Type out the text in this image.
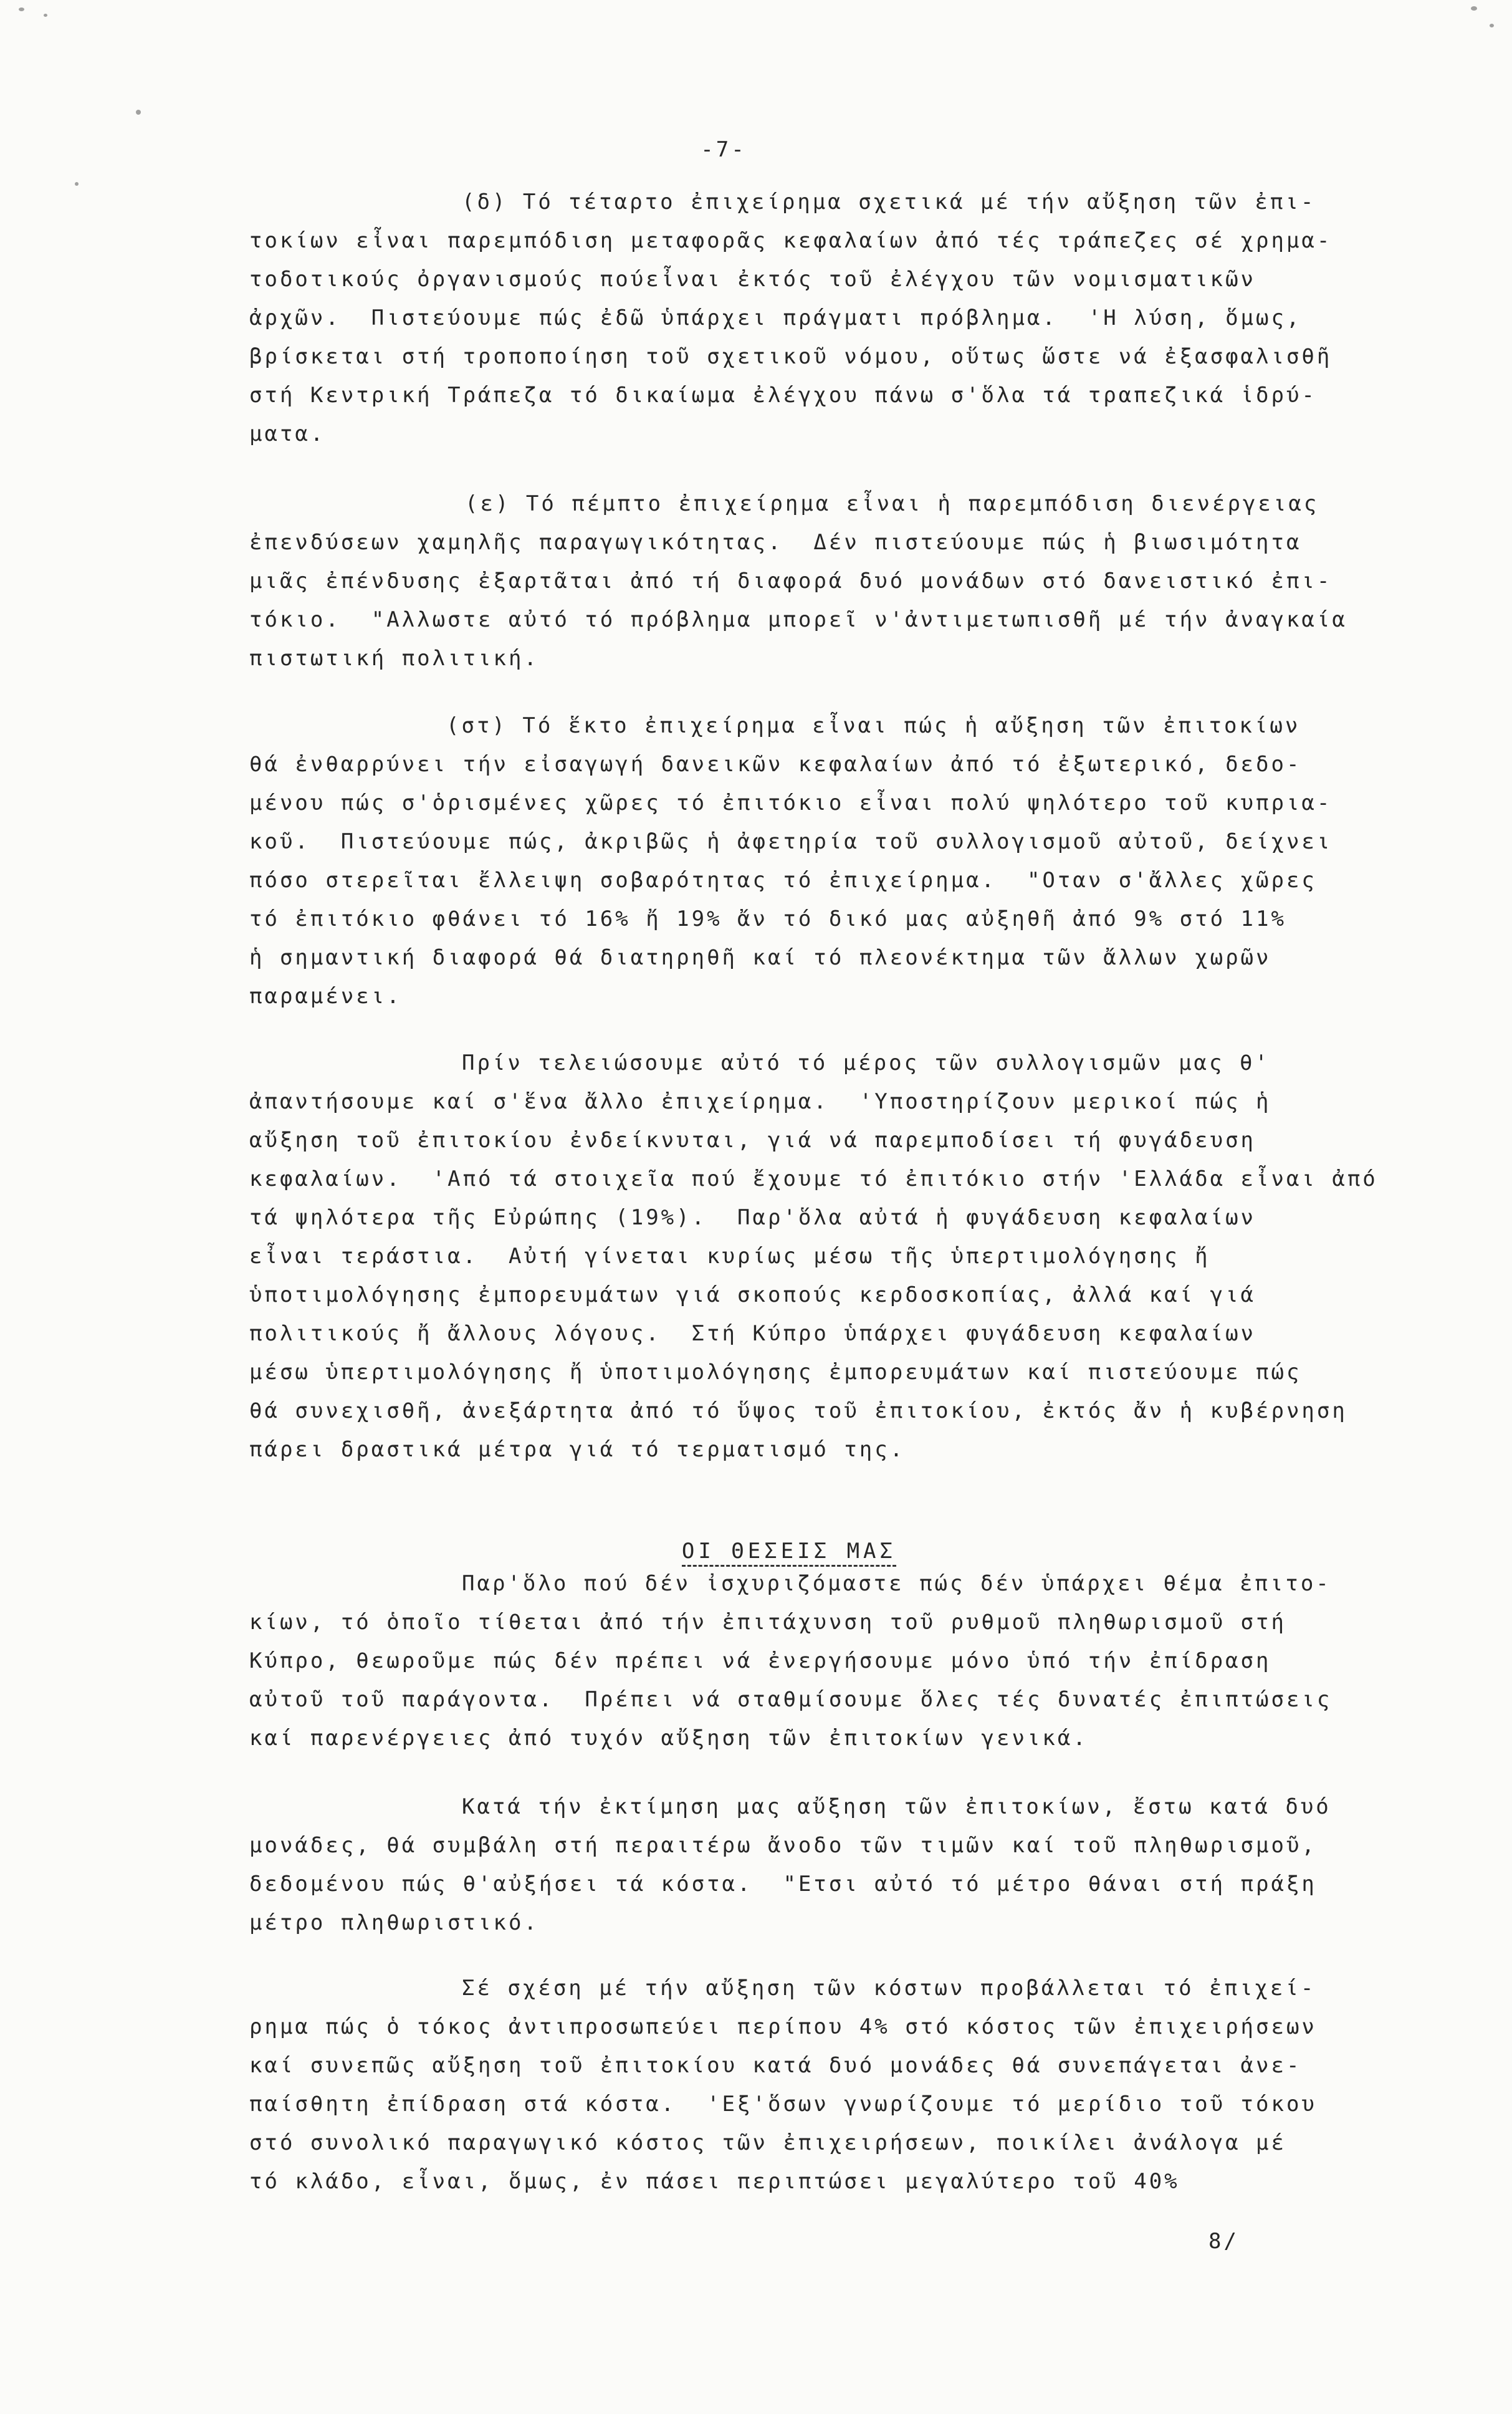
-7-
(δ) Τό τέταρτο ἐπιχείρημα σχετικά μέ τήν αὔξηση τῶν ἐπι-
τοκίων εἶναι παρεμπόδιση μεταφορᾶς κεφαλαίων ἀπό τές τράπεζες σέ χρημα-
τοδοτικούς ὀργανισμούς πούεἶναι ἐκτός τοῦ ἐλέγχου τῶν νομισματικῶν
ἀρχῶν.  Πιστεύουμε πώς ἐδῶ ὑπάρχει πράγματι πρόβλημα.  'Η λύση, ὅμως,
βρίσκεται στή τροποποίηση τοῦ σχετικοῦ νόμου, οὕτως ὥστε νά ἐξασφαλισθῆ
στή Κεντρική Τράπεζα τό δικαίωμα ἐλέγχου πάνω σ'ὅλα τά τραπεζικά ἱδρύ-
ματα.
(ε) Τό πέμπτο ἐπιχείρημα εἶναι ἡ παρεμπόδιση διενέργειας
ἐπενδύσεων χαμηλῆς παραγωγικότητας.  Δέν πιστεύουμε πώς ἡ βιωσιμότητα
μιᾶς ἐπένδυσης ἐξαρτᾶται ἀπό τή διαφορά δυό μονάδων στό δανειστικό ἐπι-
τόκιο.  "Αλλωστε αὐτό τό πρόβλημα μπορεῖ ν'ἀντιμετωπισθῆ μέ τήν ἀναγκαία
πιστωτική πολιτική.
(στ) Τό ἕκτο ἐπιχείρημα εἶναι πώς ἡ αὔξηση τῶν ἐπιτοκίων
θά ἐνθαρρύνει τήν εἰσαγωγή δανεικῶν κεφαλαίων ἀπό τό ἐξωτερικό, δεδο-
μένου πώς σ'ὁρισμένες χῶρες τό ἐπιτόκιο εἶναι πολύ ψηλότερο τοῦ κυπρια-
κοῦ.  Πιστεύουμε πώς, ἀκριβῶς ἡ ἀφετηρία τοῦ συλλογισμοῦ αὐτοῦ, δείχνει
πόσο στερεῖται ἔλλειψη σοβαρότητας τό ἐπιχείρημα.  "Οταν σ'ἄλλες χῶρες
τό ἐπιτόκιο φθάνει τό 16% ἤ 19% ἄν τό δικό μας αὐξηθῆ ἀπό 9% στό 11%
ἡ σημαντική διαφορά θά διατηρηθῆ καί τό πλεονέκτημα τῶν ἄλλων χωρῶν
παραμένει.
Πρίν τελειώσουμε αὐτό τό μέρος τῶν συλλογισμῶν μας θ'
ἀπαντήσουμε καί σ'ἕνα ἄλλο ἐπιχείρημα.  'Υποστηρίζουν μερικοί πώς ἡ
αὔξηση τοῦ ἐπιτοκίου ἐνδείκνυται, γιά νά παρεμποδίσει τή φυγάδευση
κεφαλαίων.  'Από τά στοιχεῖα πού ἔχουμε τό ἐπιτόκιο στήν 'Ελλάδα εἶναι ἀπό
τά ψηλότερα τῆς Εὐρώπης (19%).  Παρ'ὅλα αὐτά ἡ φυγάδευση κεφαλαίων
εἶναι τεράστια.  Αὐτή γίνεται κυρίως μέσω τῆς ὑπερτιμολόγησης ἤ
ὑποτιμολόγησης ἐμπορευμάτων γιά σκοπούς κερδοσκοπίας, ἀλλά καί γιά
πολιτικούς ἤ ἄλλους λόγους.  Στή Κύπρο ὑπάρχει φυγάδευση κεφαλαίων
μέσω ὑπερτιμολόγησης ἤ ὑποτιμολόγησης ἐμπορευμάτων καί πιστεύουμε πώς
θά συνεχισθῆ, ἀνεξάρτητα ἀπό τό ὕψος τοῦ ἐπιτοκίου, ἐκτός ἄν ἡ κυβέρνηση
πάρει δραστικά μέτρα γιά τό τερματισμό της.

ΟΙ ΘΕΣΕΙΣ ΜΑΣ

Παρ'ὅλο πού δέν ἰσχυριζόμαστε πώς δέν ὑπάρχει θέμα ἐπιτο-
κίων, τό ὁποῖο τίθεται ἀπό τήν ἐπιτάχυνση τοῦ ρυθμοῦ πληθωρισμοῦ στή
Κύπρο, θεωροῦμε πώς δέν πρέπει νά ἐνεργήσουμε μόνο ὑπό τήν ἐπίδραση
αὐτοῦ τοῦ παράγοντα.  Πρέπει νά σταθμίσουμε ὅλες τές δυνατές ἐπιπτώσεις
καί παρενέργειες ἀπό τυχόν αὔξηση τῶν ἐπιτοκίων γενικά.
Κατά τήν ἐκτίμηση μας αὔξηση τῶν ἐπιτοκίων, ἔστω κατά δυό
μονάδες, θά συμβάλη στή περαιτέρω ἄνοδο τῶν τιμῶν καί τοῦ πληθωρισμοῦ,
δεδομένου πώς θ'αὐξήσει τά κόστα.  "Ετσι αὐτό τό μέτρο θάναι στή πράξη
μέτρο πληθωριστικό.
Σέ σχέση μέ τήν αὔξηση τῶν κόστων προβάλλεται τό ἐπιχεί-
ρημα πώς ὁ τόκος ἀντιπροσωπεύει περίπου 4% στό κόστος τῶν ἐπιχειρήσεων
καί συνεπῶς αὔξηση τοῦ ἐπιτοκίου κατά δυό μονάδες θά συνεπάγεται ἀνε-
παίσθητη ἐπίδραση στά κόστα.  'Εξ'ὅσων γνωρίζουμε τό μερίδιο τοῦ τόκου
στό συνολικό παραγωγικό κόστος τῶν ἐπιχειρήσεων, ποικίλει ἀνάλογα μέ
τό κλάδο, εἶναι, ὅμως, ἐν πάσει περιπτώσει μεγαλύτερο τοῦ 40%
8/
